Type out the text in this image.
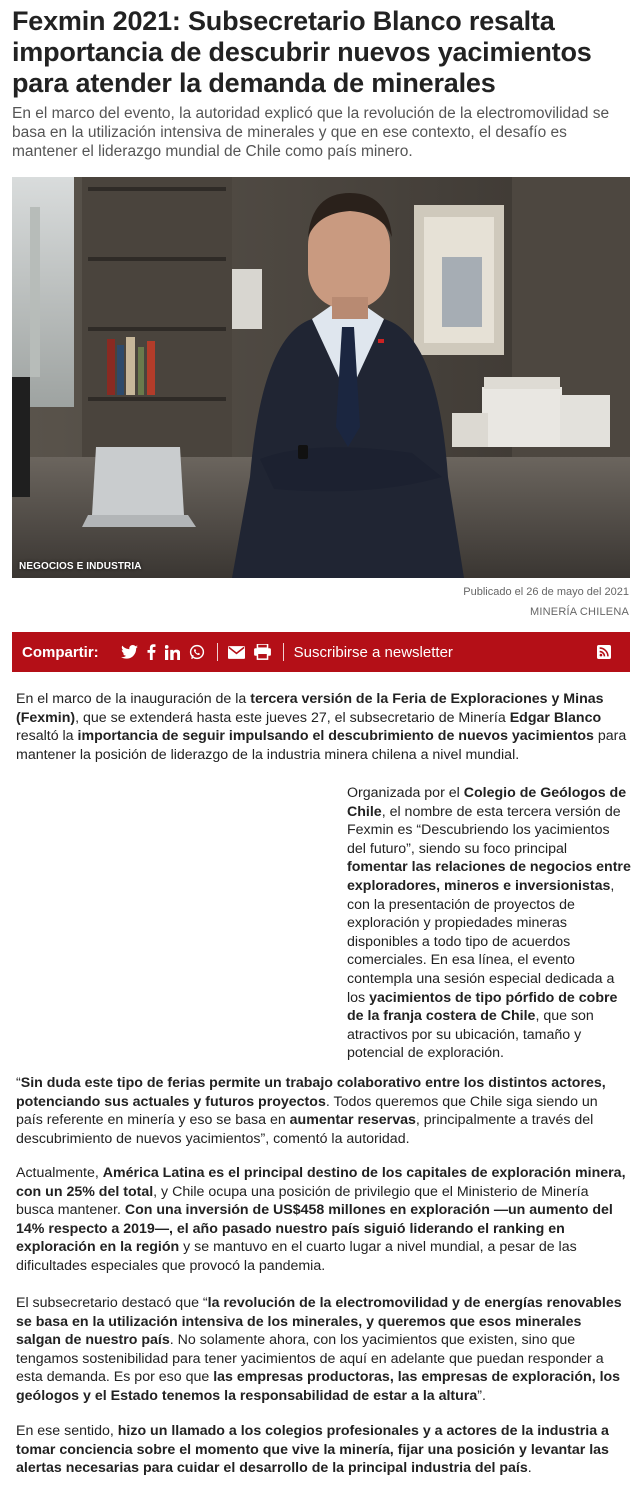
Fexmin 2021: Subsecretario Blanco resalta importancia de descubrir nuevos yacimientos para atender la demanda de minerales

En el marco del evento, la autoridad explicó que la revolución de la electromovilidad se basa en la utilización intensiva de minerales y que en ese contexto, el desafío es mantener el liderazgo mundial de Chile como país minero.

NEGOCIOS E INDUSTRIA
Publicado el 26 de mayo del 2021
MINERÍA CHILENA
Compartir:	Suscribirse a newsletter

En el marco de la inauguración de la tercera versión de la Feria de Exploraciones y Minas (Fexmin), que se extenderá hasta este jueves 27, el subsecretario de Minería Edgar Blanco resaltó la importancia de seguir impulsando el descubrimiento de nuevos yacimientos para mantener la posición de liderazgo de la industria minera chilena a nivel mundial.

Organizada por el Colegio de Geólogos de Chile, el nombre de esta tercera versión de Fexmin es “Descubriendo los yacimientos del futuro”, siendo su foco principal fomentar las relaciones de negocios entre exploradores, mineros e inversionistas, con la presentación de proyectos de exploración y propiedades mineras disponibles a todo tipo de acuerdos comerciales. En esa línea, el evento contempla una sesión especial dedicada a los yacimientos de tipo pórfido de cobre de la franja costera de Chile, que son atractivos por su ubicación, tamaño y potencial de exploración.

“Sin duda este tipo de ferias permite un trabajo colaborativo entre los distintos actores, potenciando sus actuales y futuros proyectos. Todos queremos que Chile siga siendo un país referente en minería y eso se basa en aumentar reservas, principalmente a través del descubrimiento de nuevos yacimientos”, comentó la autoridad.

Actualmente, América Latina es el principal destino de los capitales de exploración minera, con un 25% del total, y Chile ocupa una posición de privilegio que el Ministerio de Minería busca mantener. Con una inversión de US$458 millones en exploración —un aumento del 14% respecto a 2019—, el año pasado nuestro país siguió liderando el ranking en exploración en la región y se mantuvo en el cuarto lugar a nivel mundial, a pesar de las dificultades especiales que provocó la pandemia.

El subsecretario destacó que “la revolución de la electromovilidad y de energías renovables se basa en la utilización intensiva de los minerales, y queremos que esos minerales salgan de nuestro país. No solamente ahora, con los yacimientos que existen, sino que tengamos sostenibilidad para tener yacimientos de aquí en adelante que puedan responder a esta demanda. Es por eso que las empresas productoras, las empresas de exploración, los geólogos y el Estado tenemos la responsabilidad de estar a la altura”.

En ese sentido, hizo un llamado a los colegios profesionales y a actores de la industria a tomar conciencia sobre el momento que vive la minería, fijar una posición y levantar las alertas necesarias para cuidar el desarrollo de la principal industria del país.
